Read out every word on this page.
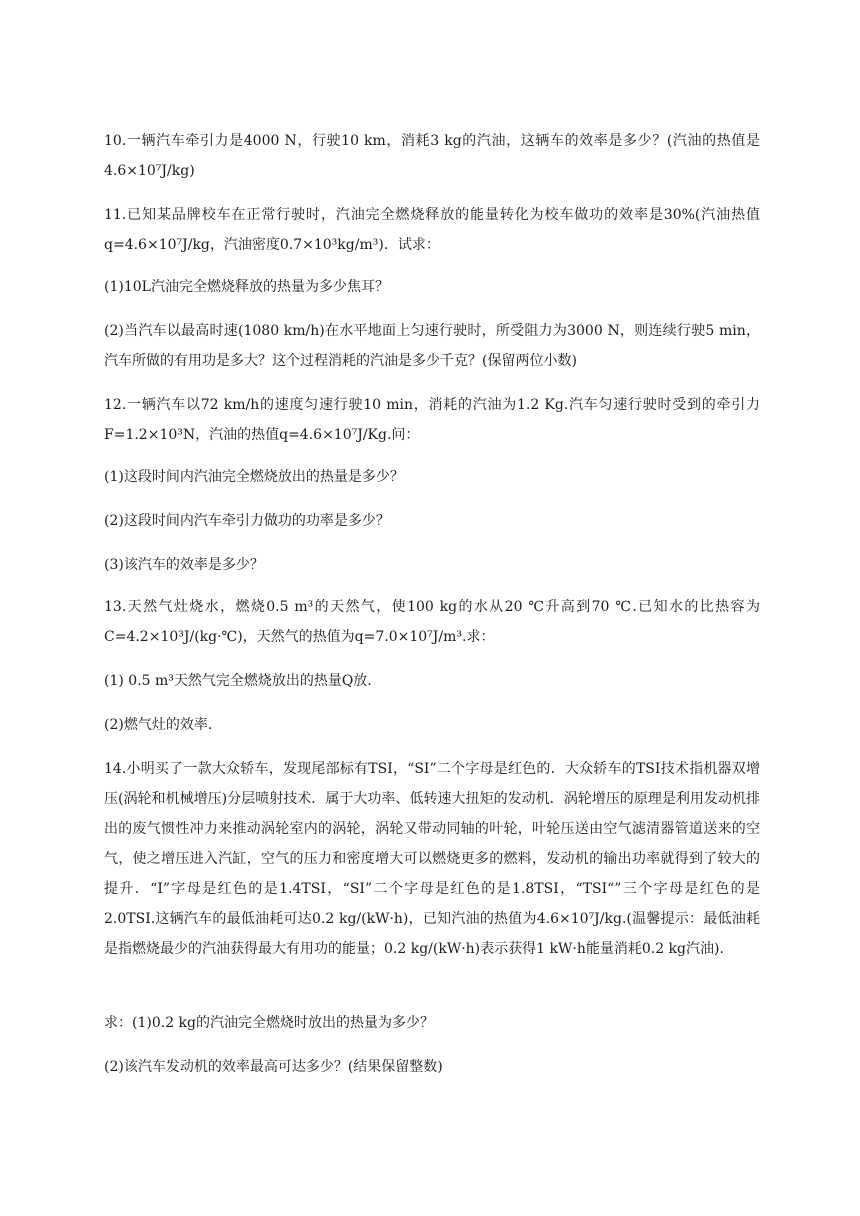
10.一辆汽车牵引力是4000 N，行驶10 km，消耗3 kg的汽油，这辆车的效率是多少？(汽油的热值是4.6×10⁷J/kg)

11.已知某品牌校车在正常行驶时，汽油完全燃烧释放的能量转化为校车做功的效率是30%(汽油热值q=4.6×10⁷J/kg，汽油密度0.7×10³kg/m³)．试求：

(1)10L汽油完全燃烧释放的热量为多少焦耳？

(2)当汽车以最高时速(1080 km/h)在水平地面上匀速行驶时，所受阻力为3000 N，则连续行驶5 min，汽车所做的有用功是多大？这个过程消耗的汽油是多少千克？(保留两位小数)

12.一辆汽车以72 km/h的速度匀速行驶10 min，消耗的汽油为1.2 Kg.汽车匀速行驶时受到的牵引力F=1.2×10³N，汽油的热值q=4.6×10⁷J/Kg.问：

(1)这段时间内汽油完全燃烧放出的热量是多少？

(2)这段时间内汽车牵引力做功的功率是多少？

(3)该汽车的效率是多少？

13.天然气灶烧水，燃烧0.5 m³的天然气，使100 kg的水从20 ℃升高到70 ℃.已知水的比热容为C=4.2×10³J/(kg·℃)，天然气的热值为q=7.0×10⁷J/m³.求：

(1) 0.5 m³天然气完全燃烧放出的热量Q放.

(2)燃气灶的效率．

14.小明买了一款大众轿车，发现尾部标有TSI，“SI”二个字母是红色的．大众轿车的TSI技术指机器双增压(涡轮和机械增压)分层喷射技术．属于大功率、低转速大扭矩的发动机．涡轮增压的原理是利用发动机排出的废气惯性冲力来推动涡轮室内的涡轮，涡轮又带动同轴的叶轮，叶轮压送由空气滤清器管道送来的空气，使之增压进入汽缸，空气的压力和密度增大可以燃烧更多的燃料，发动机的输出功率就得到了较大的提升．“I”字母是红色的是1.4TSI，“SI”二个字母是红色的是1.8TSI，“TSI“”三个字母是红色的是2.0TSI.这辆汽车的最低油耗可达0.2 kg/(kW·h)，已知汽油的热值为4.6×10⁷J/kg.(温馨提示：最低油耗是指燃烧最少的汽油获得最大有用功的能量；0.2 kg/(kW·h)表示获得1 kW·h能量消耗0.2 kg汽油).

求：(1)0.2 kg的汽油完全燃烧时放出的热量为多少？

(2)该汽车发动机的效率最高可达多少？(结果保留整数)
